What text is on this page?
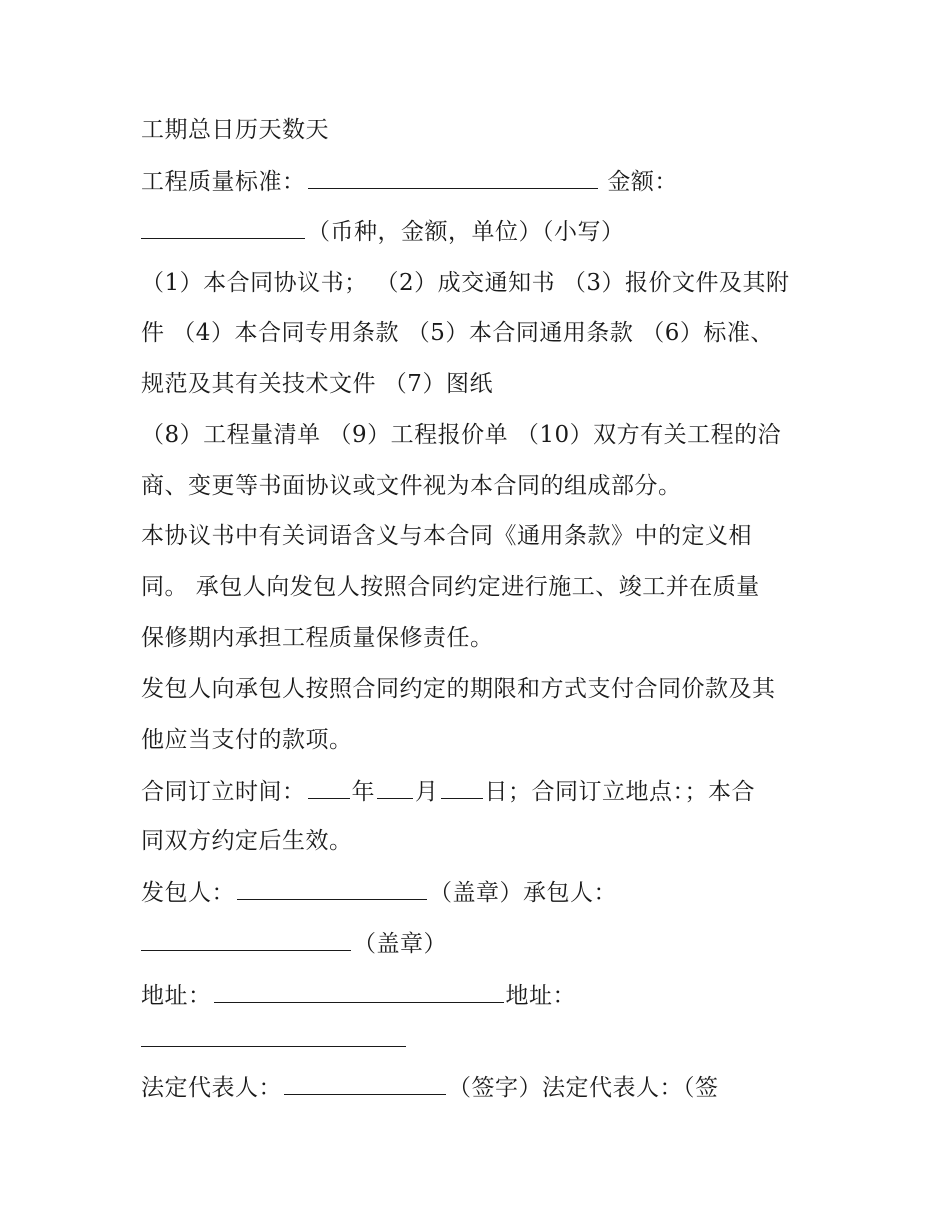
工期总日历天数天
工程质量标准：	金额：
（币种，金额，单位）（小写）
（1）本合同协议书； （2）成交通知书 （3）报价文件及其附
件 （4）本合同专用条款 （5）本合同通用条款 （6）标准、
规范及其有关技术文件 （7）图纸
（8）工程量清单 （9）工程报价单 （10）双方有关工程的洽
商、变更等书面协议或文件视为本合同的组成部分。
本协议书中有关词语含义与本合同《通用条款》中的定义相
同。 承包人向发包人按照合同约定进行施工、竣工并在质量
保修期内承担工程质量保修责任。
发包人向承包人按照合同约定的期限和方式支付合同价款及其
他应当支付的款项。
合同订立时间： 年 月 日；合同订立地点：；本合
同双方约定后生效。
发包人：	（盖章）承包人：
（盖章）
地址：	地址：
法定代表人：	（签字）法定代表人：（签
